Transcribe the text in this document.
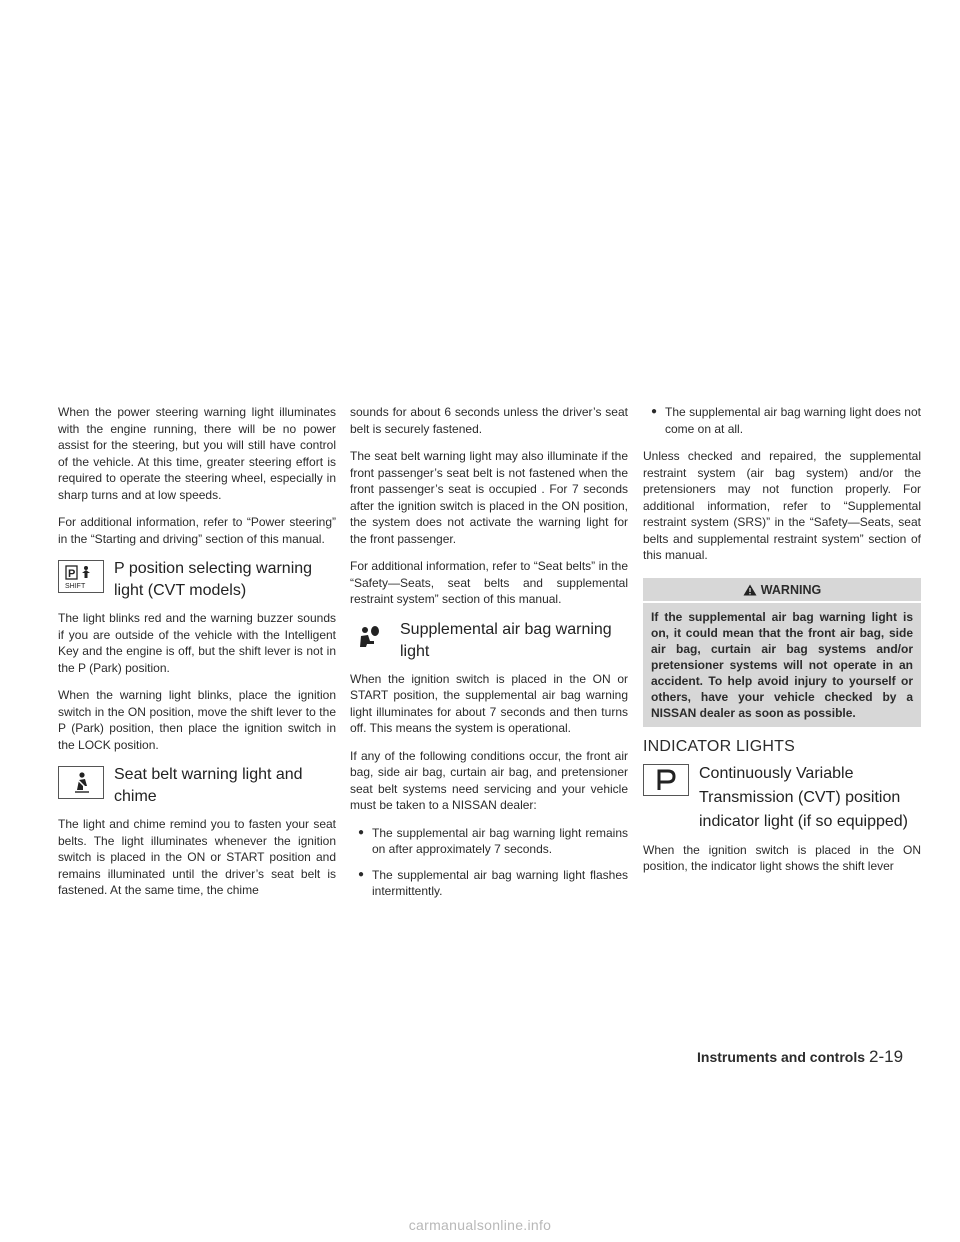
When the power steering warning light illuminates with the engine running, there will be no power assist for the steering, but you will still have control of the vehicle. At this time, greater steering effort is required to operate the steering wheel, especially in sharp turns and at low speeds.

For additional information, refer to “Power steering” in the “Starting and driving” section of this manual.

P
SHIFT
P position selecting warning light (CVT models)

The light blinks red and the warning buzzer sounds if you are outside of the vehicle with the Intelligent Key and the engine is off, but the shift lever is not in the P (Park) position.

When the warning light blinks, place the ignition switch in the ON position, move the shift lever to the P (Park) position, then place the ignition switch in the LOCK position.

Seat belt warning light and chime

The light and chime remind you to fasten your seat belts. The light illuminates whenever the ignition switch is placed in the ON or START position and remains illuminated until the driver’s seat belt is fastened. At the same time, the chime

sounds for about 6 seconds unless the driver’s seat belt is securely fastened.

The seat belt warning light may also illuminate if the front passenger’s seat belt is not fastened when the front passenger’s seat is occupied . For 7 seconds after the ignition switch is placed in the ON position, the system does not activate the warning light for the front passenger.

For additional information, refer to “Seat belts” in the “Safety—Seats, seat belts and supplemental restraint system” section of this manual.

Supplemental air bag warning light

When the ignition switch is placed in the ON or START position, the supplemental air bag warning light illuminates for about 7 seconds and then turns off. This means the system is operational.

If any of the following conditions occur, the front air bag, side air bag, curtain air bag, and pretensioner seat belt systems need servicing and your vehicle must be taken to a NISSAN dealer:

● The supplemental air bag warning light remains on after approximately 7 seconds.
● The supplemental air bag warning light flashes intermittently.
● The supplemental air bag warning light does not come on at all.

Unless checked and repaired, the supplemental restraint system (air bag system) and/or the pretensioners may not function properly. For additional information, refer to “Supplemental restraint system (SRS)” in the “Safety—Seats, seat belts and supplemental restraint system” section of this manual.

WARNING
If the supplemental air bag warning light is on, it could mean that the front air bag, side air bag, curtain air bag systems and/or pretensioner systems will not operate in an accident. To help avoid injury to yourself or others, have your vehicle checked by a NISSAN dealer as soon as possible.
INDICATOR LIGHTS
Continuously Variable Transmission (CVT) position indicator light (if so equipped)

When the ignition switch is placed in the ON position, the indicator light shows the shift lever

Instruments and controls 2-19
carmanualsonline.info
